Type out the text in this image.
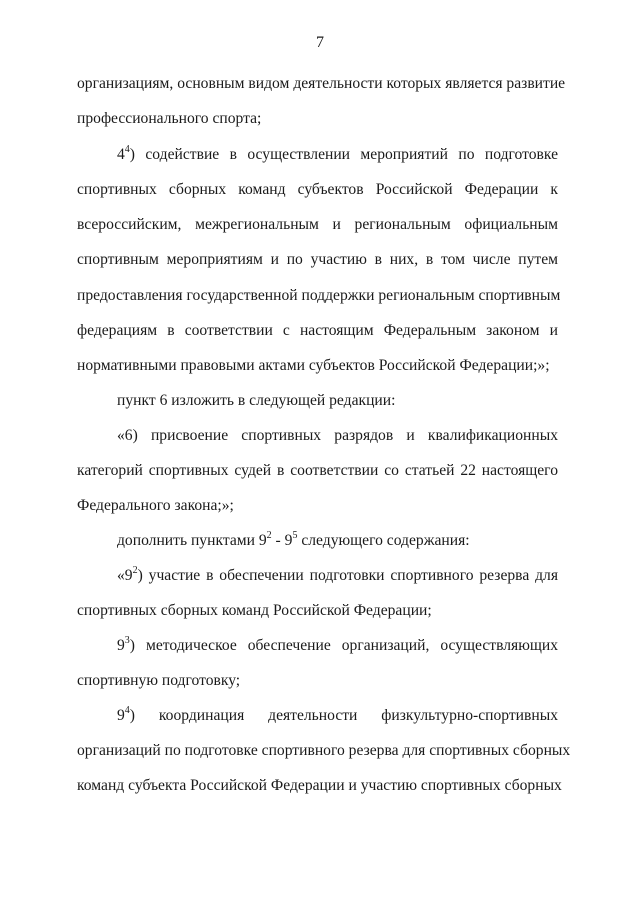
7
организациям, основным видом деятельности которых является развитие
профессионального спорта;
$4^4$) содействие в осуществлении мероприятий по подготовке
спортивных сборных команд субъектов Российской Федерации к
всероссийским, межрегиональным и региональным официальным
спортивным мероприятиям и по участию в них, в том числе путем
предоставления государственной поддержки региональным спортивным
федерациям в соответствии с настоящим Федеральным законом и
нормативными правовыми актами субъектов Российской Федерации;»;
пункт 6 изложить в следующей редакции:
«6) присвоение спортивных разрядов и квалификационных
категорий спортивных судей в соответствии со статьей 22 настоящего
Федерального закона;»;
дополнить пунктами $9^2 - 9^5$ следующего содержания:
«$9^2$) участие в обеспечении подготовки спортивного резерва для
спортивных сборных команд Российской Федерации;
$9^3$) методическое обеспечение организаций, осуществляющих
спортивную подготовку;
$9^4$) координация деятельности физкультурно-спортивных
организаций по подготовке спортивного резерва для спортивных сборных
команд субъекта Российской Федерации и участию спортивных сборных
